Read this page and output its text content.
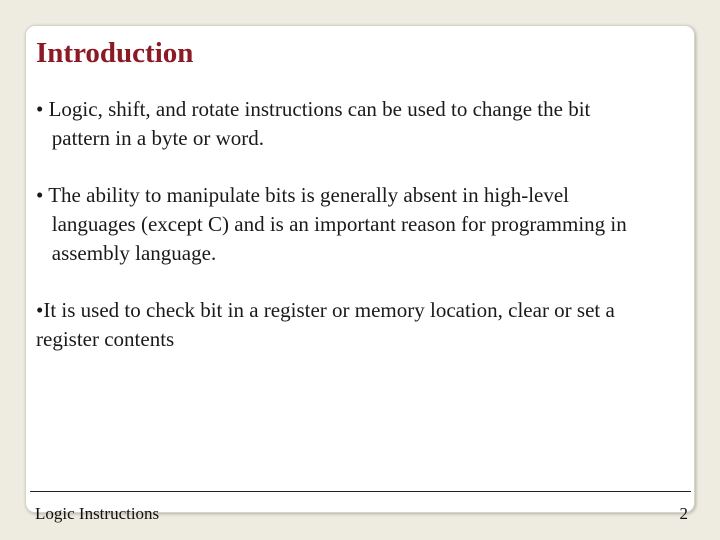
Introduction
• Logic, shift, and rotate instructions can be used to change the bit
pattern in a byte or word.
• The ability to manipulate bits is generally absent in high-level
languages (except C) and is an important reason for programming in
assembly language.
•It is used to check bit in a register or memory location, clear or set a
register contents
Logic Instructions	2
